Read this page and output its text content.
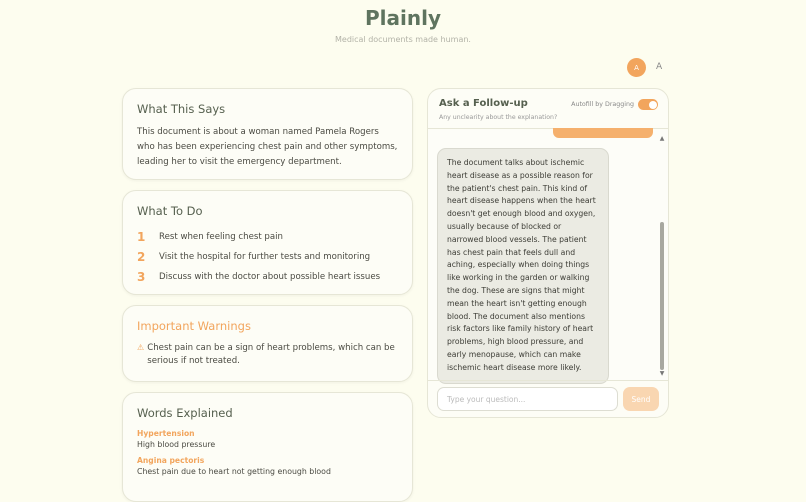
Plainly
Medical documents made human.
A	A
What This Says

This document is about a woman named Pamela Rogers who has been experiencing chest pain and other symptoms, leading her to visit the emergency department.

What To Do
1	Rest when feeling chest pain
2	Visit the hospital for further tests and monitoring
3	Discuss with the doctor about possible heart issues
Important Warnings
⚠ Chest pain can be a sign of heart problems, which can be serious if not treated.
Words Explained
Hypertension
High blood pressure
Angina pectoris
Chest pain due to heart not getting enough blood
Ask a Follow-up
Any unclearity about the explanation?
Autofill by Dragging
The document talks about ischemic heart disease as a possible reason for the patient's chest pain. This kind of heart disease happens when the heart doesn't get enough blood and oxygen, usually because of blocked or narrowed blood vessels. The patient has chest pain that feels dull and aching, especially when doing things like working in the garden or walking the dog. These are signs that might mean the heart isn't getting enough blood. The document also mentions risk factors like family history of heart problems, high blood pressure, and early menopause, which can make ischemic heart disease more likely.
▲
▼
Type your question...	Send
